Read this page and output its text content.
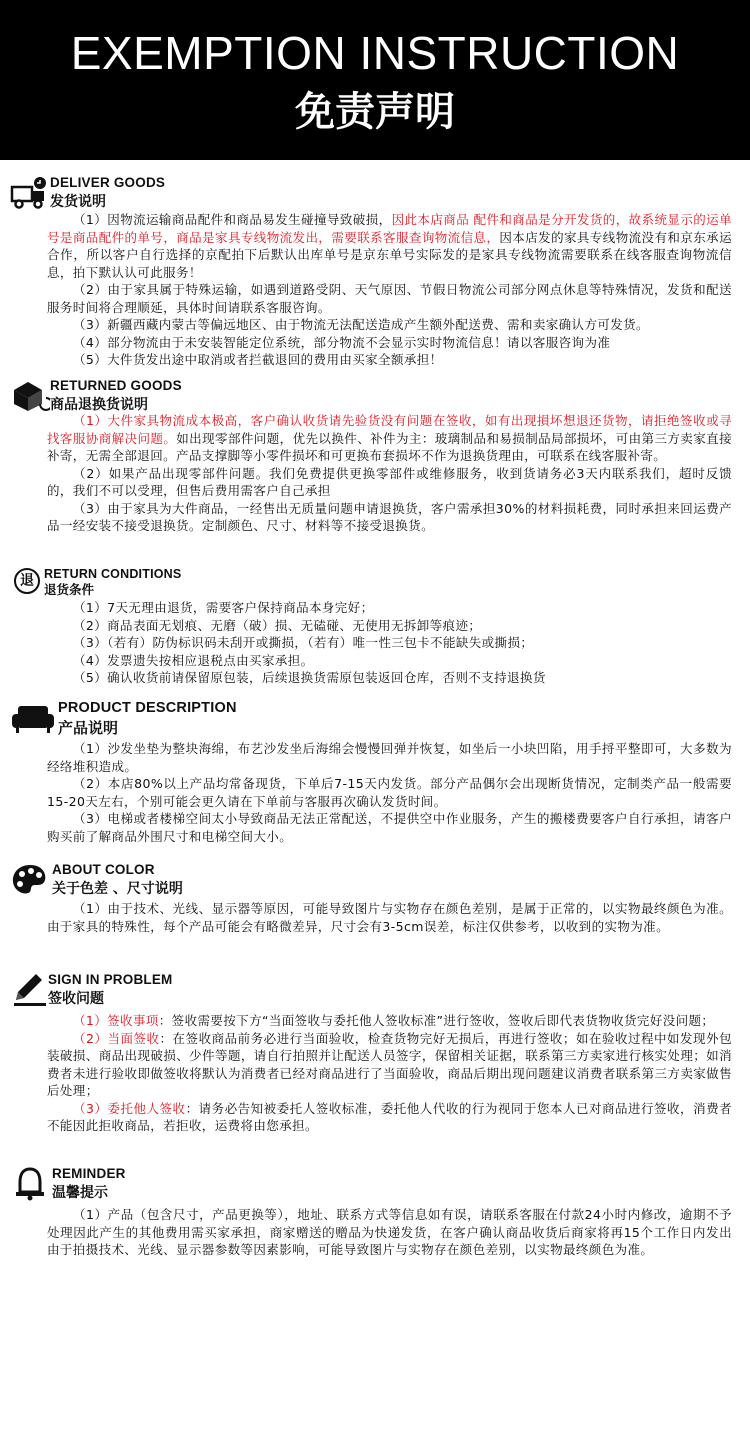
EXEMPTION INSTRUCTION
免责声明
DELIVER GOODS
发货说明

（1）因物流运输商品配件和商品易发生碰撞导致破损，因此本店商品 配件和商品是分开发货的，故系统显示的运单号是商品配件的单号，商品是家具专线物流发出，需要联系客服查询物流信息，因本店发的家具专线物流没有和京东承运合作，所以客户自行选择的京配拍下后默认出库单号是京东单号实际发的是家具专线物流需要联系在线客服查询物流信息，拍下默认认可此服务！

（2）由于家具属于特殊运输，如遇到道路受阴、天气原因、节假日物流公司部分网点休息等特殊情况，发货和配送服务时间将合理顺延，具体时间请联系客服咨询。

（3）新疆西藏内蒙古等偏远地区、由于物流无法配送造成产生额外配送费、需和卖家确认方可发货。

（4）部分物流由于未安装智能定位系统，部分物流不会显示实时物流信息！请以客服咨询为准

（5）大件货发出途中取消或者拦截退回的费用由买家全额承担！

RETURNED GOODS
商品退换货说明

（1）大件家具物流成本极高，客户确认收货请先验货没有问题在签收，如有出现損坏想退还货物，请拒绝签收或寻找客服协商解决问题。如出现零部件问题，优先以换件、补件为主：玻璃制品和易损制品局部损坏，可由第三方卖家直接补寄，无需全部退回。产品支撑脚等小零件损坏和可更换布套损坏不作为退换货理由，可联系在线客服补寄。

（2）如果产品出现零部件问题。我们免费提供更换零部件或维修服务，收到货请务必3天内联系我们，超时反馈的，我们不可以受理，但售后费用需客户自己承担

（3）由于家具为大件商品，一经售出无质量问题申请退换货，客户需承担30%的材料损耗费，同时承担来回运费产品一经安装不接受退换货。定制颜色、尺寸、材料等不接受退换货。

退 RETURN CONDITIONS
退货条件

（1）7天无理由退货，需要客户保持商品本身完好；

（2）商品表面无划痕、无磨（破）损、无磕碰、无使用无拆卸等痕迹；

（3）（若有）防伪标识码未刮开或撕损，（若有）唯一性三包卡不能缺失或撕损；

（4）发票遗失按相应退税点由买家承担。

（5）确认收货前请保留原包装，后续退换货需原包装返回仓库，否则不支持退换货

PRODUCT DESCRIPTION
产品说明

（1）沙发坐垫为整块海绵，布艺沙发坐后海绵会慢慢回弹并恢复，如坐后一小块凹陷，用手捋平整即可，大多数为经络堆积造成。

（2）本店80%以上产品均常备现货，下单后7-15天内发货。部分产品偶尔会出现断货情况，定制类产品一般需要15-20天左右，个别可能会更久请在下单前与客服再次确认发货时间。

（3）电梯或者楼梯空间太小导致商品无法正常配送，不提供空中作业服务，产生的搬楼费要客户自行承担，请客户购买前了解商品外围尺寸和电梯空间大小。

ABOUT COLOR
关于色差 、尺寸说明

（1）由于技术、光线、显示器等原因，可能导致图片与实物存在颜色差别，是属于正常的，以实物最终颜色为准。由于家具的特殊性，每个产品可能会有略微差异，尺寸会有3-5cm误差，标注仅供参考，以收到的实物为准。

SIGN IN PROBLEM
签收问题

（1）签收事项：签收需要按下方“当面签收与委托他人签收标准”进行签收，签收后即代表货物收货完好没问题；

（2）当面签收：在签收商品前务必进行当面验收，检查货物完好无损后，再进行签收；如在验收过程中如发现外包装破损、商品出现破损、少件等题，请自行拍照并让配送人员签字，保留相关证据，联系第三方卖家进行核实处理；如消费者未进行验收即做签收将默认为消费者已经对商品进行了当面验收，商品后期出现问题建议消费者联系第三方卖家做售后处理；

（3）委托他人签收：请务必告知被委托人签收标准，委托他人代收的行为视同于您本人已对商品进行签收，消费者不能因此拒收商品，若拒收，运费将由您承担。

REMINDER
温馨提示

（1）产品（包含尺寸，产品更换等），地址、联系方式等信息如有误，请联系客服在付款24小时内修改，逾期不予处理因此产生的其他费用需买家承担，商家赠送的赠品为快递发货，在客户确认商品收货后商家将再15个工作日内发出由于拍摄技术、光线、显示器参数等因素影响，可能导致图片与实物存在颜色差别，以实物最终颜色为准。
